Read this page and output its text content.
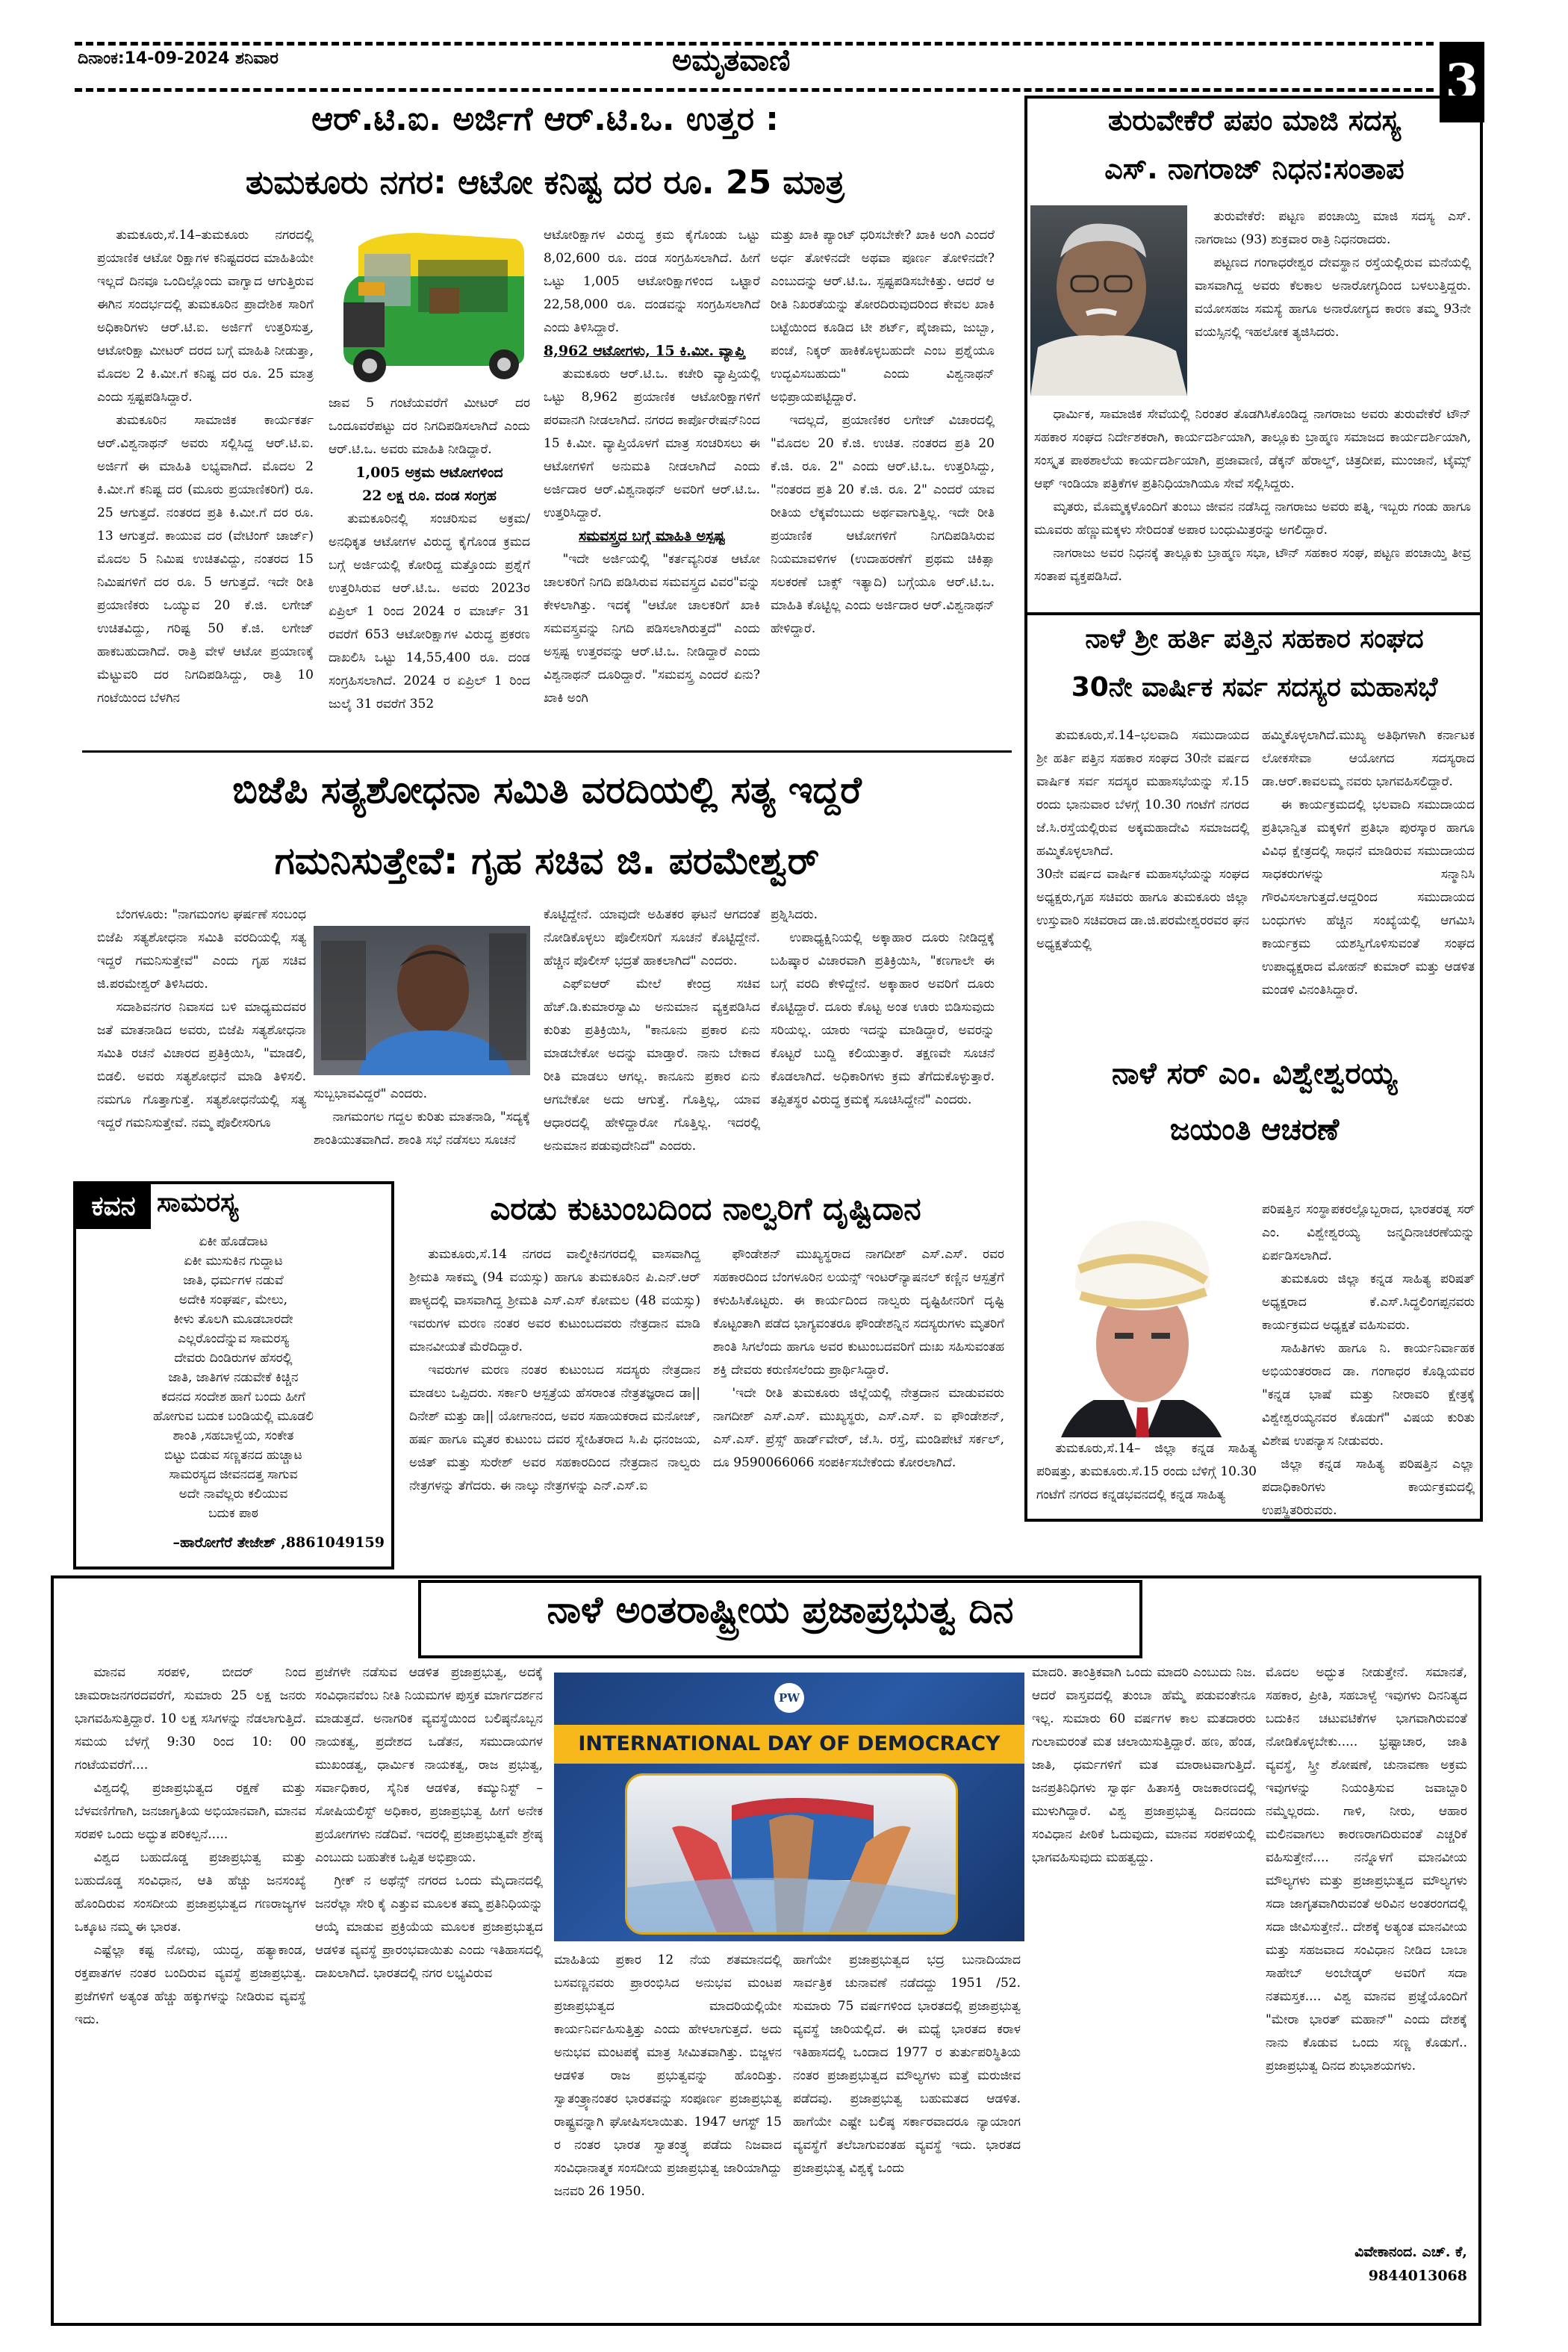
ದಿನಾಂಕ:14-09-2024 ಶನಿವಾರ	ಅಮೃತವಾಣಿ	3
ಆರ್.ಟಿ.ಐ. ಅರ್ಜಿಗೆ ಆರ್.ಟಿ.ಒ. ಉತ್ತರ :
ತುಮಕೂರು ನಗರ: ಆಟೋ ಕನಿಷ್ಟ ದರ ರೂ. 25 ಮಾತ್ರ

ತುಮಕೂರು,ಸೆ.14–ತುಮಕೂರು ನಗರದಲ್ಲಿ ಪ್ರಯಾಣಿಕ ಆಟೋ ರಿಕ್ಷಾಗಳ ಕನಿಷ್ಟದರದ ಮಾಹಿತಿಯೇ ಇಲ್ಲದೆ ದಿನವೂ ಒಂದಿಲ್ಲೊಂದು ವಾಗ್ವಾದ ಆಗುತ್ತಿರುವ ಈಗಿನ ಸಂದರ್ಭದಲ್ಲಿ ತುಮಕೂರಿನ ಪ್ರಾದೇಶಿಕ ಸಾರಿಗೆ ಅಧಿಕಾರಿಗಳು ಆರ್.ಟಿ.ಐ. ಅರ್ಜಿಗೆ ಉತ್ತರಿಸುತ್ತ, ಆಟೋರಿಕ್ಷಾ ಮೀಟರ್ ದರದ ಬಗ್ಗೆ ಮಾಹಿತಿ ನೀಡುತ್ತಾ, ಮೊದಲ 2 ಕಿ.ಮೀ.ಗೆ ಕನಿಷ್ಟ ದರ ರೂ. 25 ಮಾತ್ರ ಎಂದು ಸ್ಪಷ್ಟಪಡಿಸಿದ್ದಾರೆ.

ತುಮಕೂರಿನ ಸಾಮಾಜಿಕ ಕಾರ್ಯಕರ್ತ ಆರ್.ವಿಶ್ವನಾಥನ್ ಅವರು ಸಲ್ಲಿಸಿದ್ದ ಆರ್.ಟಿ.ಐ. ಅರ್ಜಿಗೆ ಈ ಮಾಹಿತಿ ಲಭ್ಯವಾಗಿದೆ. ಮೊದಲ 2 ಕಿ.ಮೀ.ಗೆ ಕನಿಷ್ಟ ದರ (ಮೂರು ಪ್ರಯಾಣಿಕರಿಗೆ) ರೂ. 25 ಆಗುತ್ತದೆ. ನಂತರದ ಪ್ರತಿ ಕಿ.ಮೀ.ಗೆ ದರ ರೂ. 13 ಆಗುತ್ತದೆ. ಕಾಯುವ ದರ (ವೇಟಿಂಗ್ ಚಾರ್ಜ್) ಮೊದಲ 5 ನಿಮಿಷ ಉಚಿತವಿದ್ದು, ನಂತರದ 15 ನಿಮಿಷಗಳಿಗೆ ದರ ರೂ. 5 ಆಗುತ್ತದೆ. ಇದೇ ರೀತಿ ಪ್ರಯಾಣಿಕರು ಒಯ್ಯುವ 20 ಕೆ.ಜಿ. ಲಗೇಜ್ ಉಚಿತವಿದ್ದು, ಗರಿಷ್ಟ 50 ಕೆ.ಜಿ. ಲಗೇಜ್ ಹಾಕಬಹುದಾಗಿದೆ. ರಾತ್ರಿ ವೇಳೆ ಆಟೋ ಪ್ರಯಾಣಕ್ಕೆ ಮೆಟ್ಟುವರಿ ದರ ನಿಗದಿಪಡಿಸಿದ್ದು, ರಾತ್ರಿ 10 ಗಂಟೆಯಿಂದ ಬೆಳಗಿನ

ಜಾವ 5 ಗಂಟೆಯವರೆಗೆ ಮೀಟರ್ ದರ ಒಂದೂವರೆಪಟ್ಟು ದರ ನಿಗದಿಪಡಿಸಲಾಗಿದೆ ಎಂದು ಆರ್.ಟಿ.ಒ. ಅವರು ಮಾಹಿತಿ ನೀಡಿದ್ದಾರೆ.

1,005 ಅಕ್ರಮ ಆಟೋಗಳಿಂದ
22 ಲಕ್ಷ ರೂ. ದಂಡ ಸಂಗ್ರಹ

ತುಮಕೂರಿನಲ್ಲಿ ಸಂಚರಿಸುವ ಅಕ್ರಮ/ಅನಧಿಕೃತ ಆಟೋಗಳ ವಿರುದ್ಧ ಕೈಗೊಂಡ ಕ್ರಮದ ಬಗ್ಗೆ ಅರ್ಜಿಯಲ್ಲಿ ಕೋರಿದ್ದ ಮತ್ತೊಂದು ಪ್ರಶ್ನೆಗೆ ಉತ್ತರಿಸಿರುವ ಆರ್.ಟಿ.ಒ. ಅವರು 2023ರ ಏಪ್ರಿಲ್ 1 ರಿಂದ 2024 ರ ಮಾರ್ಚ್ 31 ರವರೆಗೆ 653 ಆಟೋರಿಕ್ಷಾಗಳ ವಿರುದ್ಧ ಪ್ರಕರಣ ದಾಖಲಿಸಿ ಒಟ್ಟು 14,55,400 ರೂ. ದಂಡ ಸಂಗ್ರಹಿಸಲಾಗಿದೆ. 2024 ರ ಏಪ್ರಿಲ್ 1 ರಿಂದ ಜುಲೈ 31 ರವರೆಗೆ 352

ಆಟೋರಿಕ್ಷಾಗಳ ವಿರುದ್ಧ ಕ್ರಮ ಕೈಗೊಂಡು ಒಟ್ಟು 8,02,600 ರೂ. ದಂಡ ಸಂಗ್ರಹಿಸಲಾಗಿದೆ. ಹೀಗೆ ಒಟ್ಟು 1,005 ಆಟೋರಿಕ್ಷಾಗಳಿಂದ ಒಟ್ಟಾರೆ 22,58,000 ರೂ. ದಂಡವನ್ನು ಸಂಗ್ರಹಿಸಲಾಗಿದೆ ಎಂದು ತಿಳಿಸಿದ್ದಾರೆ.

8,962 ಆಟೋಗಳು, 15 ಕಿ.ಮೀ. ವ್ಯಾಪ್ತಿ

ತುಮಕೂರು ಆರ್.ಟಿ.ಒ. ಕಚೇರಿ ವ್ಯಾಪ್ತಿಯಲ್ಲಿ ಒಟ್ಟು 8,962 ಪ್ರಯಾಣಿಕ ಆಟೋರಿಕ್ಷಾಗಳಿಗೆ ಪರವಾನಗಿ ನೀಡಲಾಗಿದೆ. ನಗರದ ಕಾರ್ಪೊರೇಷನ್‌ನಿಂದ 15 ಕಿ.ಮೀ. ವ್ಯಾಪ್ತಿಯೊಳಗೆ ಮಾತ್ರ ಸಂಚರಿಸಲು ಈ ಆಟೋಗಳಿಗೆ ಅನುಮತಿ ನೀಡಲಾಗಿದೆ ಎಂದು ಅರ್ಜಿದಾರ ಆರ್.ವಿಶ್ವನಾಥನ್ ಅವರಿಗೆ ಆರ್.ಟಿ.ಒ. ಉತ್ತರಿಸಿದ್ದಾರೆ.

ಸಮವಸ್ತ್ರದ ಬಗ್ಗೆ ಮಾಹಿತಿ ಅಸ್ಪಷ್ಟ

"ಇದೇ ಅರ್ಜಿಯಲ್ಲಿ "ಕರ್ತವ್ಯನಿರತ ಆಟೋ ಚಾಲಕರಿಗೆ ನಿಗದಿ ಪಡಿಸಿರುವ ಸಮವಸ್ತ್ರದ ವಿವರ"ವನ್ನು ಕೇಳಲಾಗಿತ್ತು. ಇದಕ್ಕೆ "ಆಟೋ ಚಾಲಕರಿಗೆ ಖಾಕಿ ಸಮವಸ್ತ್ರವನ್ನು ನಿಗದಿ ಪಡಿಸಲಾಗಿರುತ್ತದೆ" ಎಂದು ಅಸ್ಪಷ್ಟ ಉತ್ತರವನ್ನು ಆರ್.ಟಿ.ಒ. ನೀಡಿದ್ದಾರೆ ಎಂದು ವಿಶ್ವನಾಥನ್ ದೂರಿದ್ದಾರೆ. "ಸಮವಸ್ತ್ರ ಎಂದರೆ ಏನು? ಖಾಕಿ ಅಂಗಿ

ಮತ್ತು ಖಾಕಿ ಪ್ಯಾಂಟ್ ಧರಿಸಬೇಕೇ? ಖಾಕಿ ಅಂಗಿ ಎಂದರೆ ಅರ್ಧ ತೋಳಿನದೇ ಅಥವಾ ಪೂರ್ಣ ತೋಳಿನದೇ? ಎಂಬುದನ್ನು ಆರ್.ಟಿ.ಒ. ಸ್ಪಷ್ಟಪಡಿಸಬೇಕಿತ್ತು. ಆದರೆ ಆ ರೀತಿ ನಿಖರತೆಯನ್ನು ತೋರದಿರುವುದರಿಂದ ಕೇವಲ ಖಾಕಿ ಬಟ್ಟೆಯಿಂದ ಕೂಡಿದ ಟೀ ಶರ್ಟ್, ಪೈಜಾಮ, ಜುಬ್ಬಾ, ಪಂಚೆ, ನಿಕ್ಕರ್ ಹಾಕಿಕೊಳ್ಳಬಹುದೇ ಎಂಬ ಪ್ರಶ್ನೆಯೂ ಉದ್ಭವಿಸಬಹುದು" ಎಂದು ವಿಶ್ವನಾಥನ್ ಅಭಿಪ್ರಾಯಪಟ್ಟಿದ್ದಾರೆ.

ಇದಲ್ಲದೆ, ಪ್ರಯಾಣಿಕರ ಲಗೇಜ್ ವಿಚಾರದಲ್ಲಿ "ಮೊದಲ 20 ಕೆ.ಜಿ. ಉಚಿತ. ನಂತರದ ಪ್ರತಿ 20 ಕೆ.ಜಿ. ರೂ. 2" ಎಂದು ಆರ್.ಟಿ.ಒ. ಉತ್ತರಿಸಿದ್ದು, "ನಂತರದ ಪ್ರತಿ 20 ಕೆ.ಜಿ. ರೂ. 2" ಎಂದರೆ ಯಾವ ರೀತಿಯ ಲೆಕ್ಕವೆಂಬುದು ಅರ್ಥವಾಗುತ್ತಿಲ್ಲ. ಇದೇ ರೀತಿ ಪ್ರಯಾಣಿಕ ಆಟೋಗಳಿಗೆ ನಿಗದಿಪಡಿಸಿರುವ ನಿಯಮಾವಳಿಗಳ (ಉದಾಹರಣೆಗೆ ಪ್ರಥಮ ಚಿಕಿತ್ಸಾ ಸಲಕರಣೆ ಬಾಕ್ಸ್ ಇತ್ಯಾದಿ) ಬಗ್ಗೆಯೂ ಆರ್.ಟಿ.ಒ. ಮಾಹಿತಿ ಕೊಟ್ಟಿಲ್ಲ ಎಂದು ಅರ್ಜಿದಾರ ಆರ್.ವಿಶ್ವನಾಥನ್ ಹೇಳಿದ್ದಾರೆ.

ತುರುವೇಕೆರೆ ಪಪಂ ಮಾಜಿ ಸದಸ್ಯ
ಎಸ್. ನಾಗರಾಜ್ ನಿಧನ:ಸಂತಾಪ

ತುರುವೇಕೆರೆ: ಪಟ್ಟಣ ಪಂಚಾಯ್ತಿ ಮಾಜಿ ಸದಸ್ಯ ಎಸ್. ನಾಗರಾಜು (93) ಶುಕ್ರವಾರ ರಾತ್ರಿ ನಿಧನರಾದರು.

ಪಟ್ಟಣದ ಗಂಗಾಧರೇಶ್ವರ ದೇವಸ್ಥಾನ ರಸ್ತೆಯಲ್ಲಿರುವ ಮನೆಯಲ್ಲಿ ವಾಸವಾಗಿದ್ದ ಅವರು ಕೆಲಕಾಲ ಅನಾರೋಗ್ಯದಿಂದ ಬಳಲುತ್ತಿದ್ದರು. ವಯೋಸಹಜ ಸಮಸ್ಯೆ ಹಾಗೂ ಅನಾರೋಗ್ಯದ ಕಾರಣ ತಮ್ಮ 93ನೇ ವಯಸ್ಸಿನಲ್ಲಿ ಇಹಲೋಕ ತ್ಯಜಿಸಿದರು.

ಧಾರ್ಮಿಕ, ಸಾಮಾಜಿಕ ಸೇವೆಯಲ್ಲಿ ನಿರಂತರ ತೊಡಗಿಸಿಕೊಂಡಿದ್ದ ನಾಗರಾಜು ಅವರು ತುರುವೇಕೆರೆ ಟೌನ್ ಸಹಕಾರ ಸಂಘದ ನಿರ್ದೇಶಕರಾಗಿ, ಕಾರ್ಯದರ್ಶಿಯಾಗಿ, ತಾಲ್ಲೂಕು ಬ್ರಾಹ್ಮಣ ಸಮಾಜದ ಕಾರ್ಯದರ್ಶಿಯಾಗಿ, ಸಂಸ್ಕೃತ ಪಾಠಶಾಲೆಯ ಕಾರ್ಯದರ್ಶಿಯಾಗಿ, ಪ್ರಜಾವಾಣಿ, ಡೆಕ್ಕನ್ ಹೆರಾಲ್ಡ್, ಚಿತ್ರದೀಪ, ಮುಂಜಾನೆ, ಟೈಮ್ಸ್ ಆಫ್ ಇಂಡಿಯಾ ಪತ್ರಿಕೆಗಳ ಪ್ರತಿನಿಧಿಯಾಗಿಯೂ ಸೇವೆ ಸಲ್ಲಿಸಿದ್ದರು.

ಮೃತರು, ಮೊಮ್ಮಕ್ಕಳೊಂದಿಗೆ ತುಂಬು ಜೀವನ ನಡೆಸಿದ್ದ ನಾಗರಾಜು ಅವರು ಪತ್ನಿ, ಇಬ್ಬರು ಗಂಡು ಹಾಗೂ ಮೂವರು ಹೆಣ್ಣುಮಕ್ಕಳು ಸೇರಿದಂತೆ ಅಪಾರ ಬಂಧುಮಿತ್ರರನ್ನು ಅಗಲಿದ್ದಾರೆ.

ನಾಗರಾಜು ಅವರ ನಿಧನಕ್ಕೆ ತಾಲ್ಲೂಕು ಬ್ರಾಹ್ಮಣ ಸಭಾ, ಟೌನ್ ಸಹಕಾರ ಸಂಘ, ಪಟ್ಟಣ ಪಂಚಾಯ್ತಿ ತೀವ್ರ ಸಂತಾಪ ವ್ಯಕ್ತಪಡಿಸಿದೆ.

ನಾಳೆ ಶ್ರೀ ಹರ್ತಿ ಪತ್ತಿನ ಸಹಕಾರ ಸಂಘದ
30ನೇ ವಾರ್ಷಿಕ ಸರ್ವ ಸದಸ್ಯರ ಮಹಾಸಭೆ

ತುಮಕೂರು,ಸೆ.14–ಭಲವಾದಿ ಸಮುದಾಯದ ಶ್ರೀ ಹರ್ತಿ ಪತ್ತಿನ ಸಹಕಾರ ಸಂಘದ 30ನೇ ವರ್ಷದ ವಾರ್ಷಿಕ ಸರ್ವ ಸದಸ್ಯರ ಮಹಾಸಭೆಯನ್ನು ಸೆ.15 ರಂದು ಭಾನುವಾರ ಬೆಳಗ್ಗೆ 10.30 ಗಂಟೆಗೆ ನಗರದ ಜೆ.ಸಿ.ರಸ್ತೆಯಲ್ಲಿರುವ ಅಕ್ಕಮಹಾದೇವಿ ಸಮಾಜದಲ್ಲಿ ಹಮ್ಮಿಕೊಳ್ಳಲಾಗಿದೆ.

30ನೇ ವರ್ಷದ ವಾರ್ಷಿಕ ಮಹಾಸಭೆಯನ್ನು ಸಂಘದ ಅಧ್ಯಕ್ಷರು,ಗೃಹ ಸಚಿವರು ಹಾಗೂ ತುಮಕೂರು ಜಿಲ್ಲಾ ಉಸ್ತುವಾರಿ ಸಚಿವರಾದ ಡಾ.ಜಿ.ಪರಮೇಶ್ವರರವರ ಘನ ಅಧ್ಯಕ್ಷತೆಯಲ್ಲಿ

ಹಮ್ಮಿಕೊಳ್ಳಲಾಗಿದೆ.ಮುಖ್ಯ ಅತಿಥಿಗಳಾಗಿ ಕರ್ನಾಟಕ ಲೋಕಸೇವಾ ಆಯೋಗದ ಸದಸ್ಯರಾದ ಡಾ.ಆರ್.ಕಾವಲಮ್ಮ ನವರು ಭಾಗವಹಿಸಲಿದ್ದಾರೆ.

ಈ ಕಾರ್ಯಕ್ರಮದಲ್ಲಿ ಭಲವಾದಿ ಸಮುದಾಯದ ಪ್ರತಿಭಾನ್ವಿತ ಮಕ್ಕಳಿಗೆ ಪ್ರತಿಭಾ ಪುರಸ್ಕಾರ ಹಾಗೂ ವಿವಿಧ ಕ್ಷೇತ್ರದಲ್ಲಿ ಸಾಧನೆ ಮಾಡಿರುವ ಸಮುದಾಯದ ಸಾಧಕರುಗಳನ್ನು ಸನ್ಮಾನಿಸಿ ಗೌರವಿಸಲಾಗುತ್ತದೆ.ಆದ್ದರಿಂದ ಸಮುದಾಯದ ಬಂಧುಗಳು ಹೆಚ್ಚಿನ ಸಂಖ್ಯೆಯಲ್ಲಿ ಆಗಮಿಸಿ ಕಾರ್ಯಕ್ರಮ ಯಶಸ್ವಿಗೊಳಿಸುವಂತೆ ಸಂಘದ ಉಪಾಧ್ಯಕ್ಷರಾದ ಮೋಹನ್ ಕುಮಾರ್ ಮತ್ತು ಆಡಳಿತ ಮಂಡಳಿ ವಿನಂತಿಸಿದ್ದಾರೆ.

ನಾಳೆ ಸರ್ ಎಂ. ವಿಶ್ವೇಶ್ವರಯ್ಯ
ಜಯಂತಿ ಆಚರಣೆ

ಪರಿಷತ್ತಿನ ಸಂಸ್ಥಾಪಕರಲ್ಲೊಬ್ಬರಾದ, ಭಾರತರತ್ನ ಸರ್ ಎಂ. ವಿಶ್ವೇಶ್ವರಯ್ಯ ಜನ್ಮದಿನಾಚರಣೆಯನ್ನು ಏರ್ಪಡಿಸಲಾಗಿದೆ.

ತುಮಕೂರು ಜಿಲ್ಲಾ ಕನ್ನಡ ಸಾಹಿತ್ಯ ಪರಿಷತ್ ಅಧ್ಯಕ್ಷರಾದ ಕೆ.ಎಸ್.ಸಿದ್ಧಲಿಂಗಪ್ಪನವರು ಕಾರ್ಯಕ್ರಮದ ಅಧ್ಯಕ್ಷತೆ ವಹಿಸುವರು.

ಸಾಹಿತಿಗಳು ಹಾಗೂ ನಿ. ಕಾರ್ಯನಿರ್ವಾಹಕ ಅಭಿಯಂತರರಾದ ಡಾ. ಗಂಗಾಧರ ಕೊಡ್ಲಿಯವರ "ಕನ್ನಡ ಭಾಷೆ ಮತ್ತು ನೀರಾವರಿ ಕ್ಷೇತ್ರಕ್ಕೆ ವಿಶ್ವೇಶ್ವರಯ್ಯನವರ ಕೊಡುಗೆ" ವಿಷಯ ಕುರಿತು ವಿಶೇಷ ಉಪನ್ಯಾಸ ನೀಡುವರು.

ಜಿಲ್ಲಾ ಕನ್ನಡ ಸಾಹಿತ್ಯ ಪರಿಷತ್ತಿನ ಎಲ್ಲಾ ಪದಾಧಿಕಾರಿಗಳು ಕಾರ್ಯಕ್ರಮದಲ್ಲಿ ಉಪಸ್ಥಿತರಿರುವರು.

ತುಮಕೂರು,ಸೆ.14– ಜಿಲ್ಲಾ ಕನ್ನಡ ಸಾಹಿತ್ಯ ಪರಿಷತ್ತು, ತುಮಕೂರು.ಸೆ.15 ರಂದು ಬೆಳಿಗ್ಗೆ 10.30 ಗಂಟೆಗೆ ನಗರದ ಕನ್ನಡಭವನದಲ್ಲಿ ಕನ್ನಡ ಸಾಹಿತ್ಯ

ಬಿಜೆಪಿ ಸತ್ಯಶೋಧನಾ ಸಮಿತಿ ವರದಿಯಲ್ಲಿ ಸತ್ಯ ಇದ್ದರೆ
ಗಮನಿಸುತ್ತೇವೆ: ಗೃಹ ಸಚಿವ ಜಿ. ಪರಮೇಶ್ವರ್

ಬೆಂಗಳೂರು: "ನಾಗಮಂಗಲ ಘರ್ಷಣೆ ಸಂಬಂಧ ಬಿಜೆಪಿ ಸತ್ಯಶೋಧನಾ ಸಮಿತಿ ವರದಿಯಲ್ಲಿ ಸತ್ಯ ಇದ್ದರೆ ಗಮನಿಸುತ್ತೇವೆ" ಎಂದು ಗೃಹ ಸಚಿವ ಜಿ.ಪರಮೇಶ್ವರ್ ತಿಳಿಸಿದರು.

ಸದಾಶಿವನಗರ ನಿವಾಸದ ಬಳಿ ಮಾಧ್ಯಮದವರ ಜತೆ ಮಾತನಾಡಿದ ಅವರು, ಬಿಜೆಪಿ ಸತ್ಯಶೋಧನಾ ಸಮಿತಿ ರಚನೆ ವಿಚಾರದ ಪ್ರತಿಕ್ರಿಯಿಸಿ, "ಮಾಡಲಿ, ಬಿಡಲಿ. ಅವರು ಸತ್ಯಶೋಧನೆ ಮಾಡಿ ತಿಳಿಸಲಿ. ನಮಗೂ ಗೊತ್ತಾಗುತ್ತೆ. ಸತ್ಯಶೋಧನೆಯಲ್ಲಿ ಸತ್ಯ ಇದ್ದರೆ ಗಮನಿಸುತ್ತೇವೆ. ನಮ್ಮ ಪೊಲೀಸರಿಗೂ

ಸುಬ್ಬಭಾವವಿದ್ದರೆ" ಎಂದರು.

ನಾಗಮಂಗಲ ಗದ್ದಲ ಕುರಿತು ಮಾತನಾಡಿ, "ಸದ್ಯಕ್ಕೆ ಶಾಂತಿಯುತವಾಗಿದೆ. ಶಾಂತಿ ಸಭೆ ನಡೆಸಲು ಸೂಚನೆ

ಕೊಟ್ಟಿದ್ದೇನೆ. ಯಾವುದೇ ಅಹಿತಕರ ಘಟನೆ ಆಗದಂತೆ ನೋಡಿಕೊಳ್ಳಲು ಪೊಲೀಸರಿಗೆ ಸೂಚನೆ ಕೊಟ್ಟಿದ್ದೇನೆ. ಹೆಚ್ಚಿನ ಪೊಲೀಸ್ ಭದ್ರತೆ ಹಾಕಲಾಗಿದೆ" ಎಂದರು.

ಎಫ್‌ಐಆರ್ ಮೇಲೆ ಕೇಂದ್ರ ಸಚಿವ ಹೆಚ್.ಡಿ.ಕುಮಾರಸ್ವಾಮಿ ಅನುಮಾನ ವ್ಯಕ್ತಪಡಿಸಿದ ಕುರಿತು ಪ್ರತಿಕ್ರಿಯಿಸಿ, "ಕಾನೂನು ಪ್ರಕಾರ ಏನು ಮಾಡಬೇಕೋ ಅದನ್ನು ಮಾಡ್ತಾರೆ. ನಾನು ಬೇಕಾದ ರೀತಿ ಮಾಡಲು ಆಗಲ್ಲ. ಕಾನೂನು ಪ್ರಕಾರ ಏನು ಆಗಬೇಕೋ ಅದು ಆಗುತ್ತೆ. ಗೊತ್ತಿಲ್ಲ, ಯಾವ ಆಧಾರದಲ್ಲಿ ಹೇಳಿದ್ದಾರೋ ಗೊತ್ತಿಲ್ಲ. ಇದರಲ್ಲಿ ಅನುಮಾನ ಪಡುವುದೇನಿದೆ" ಎಂದರು.

ಪ್ರಶ್ನಿಸಿದರು.

ಉಪಾಧ್ಯಕ್ಷಿನಿಯಲ್ಲಿ ಅಕ್ಕಾಹಾರ ದೂರು ನೀಡಿದ್ದಕ್ಕೆ ಬಹಿಷ್ಕಾರ ವಿಚಾರವಾಗಿ ಪ್ರತಿಕ್ರಿಯಿಸಿ, "ಕಣಗಾಲೇ ಈ ಬಗ್ಗೆ ವರದಿ ಕೇಳಿದ್ದೇನೆ. ಅಕ್ಕಾಹಾರ ಅವರಿಗೆ ದೂರು ಕೊಟ್ಟಿದ್ದಾರೆ. ದೂರು ಕೊಟ್ಟ ಅಂತ ಊರು ಬಿಡಿಸುವುದು ಸರಿಯಲ್ಲ. ಯಾರು ಇದನ್ನು ಮಾಡಿದ್ದಾರೆ, ಅವರನ್ನು ಕೊಟ್ಟರೆ ಬುದ್ದಿ ಕಲಿಯುತ್ತಾರೆ. ತಕ್ಷಣವೇ ಸೂಚನೆ ಕೊಡಲಾಗಿದೆ. ಅಧಿಕಾರಿಗಳು ಕ್ರಮ ತೆಗೆದುಕೊಳ್ಳುತ್ತಾರೆ. ತಪ್ಪಿತಸ್ಥರ ವಿರುದ್ಧ ಕ್ರಮಕ್ಕೆ ಸೂಚಿಸಿದ್ದೇನೆ" ಎಂದರು.

ಕವನ ಸಾಮರಸ್ಯ
ಏಕೀ ಹೊಡೆದಾಟ
ಏಕೀ ಮುಸುಕಿನ ಗುದ್ದಾಟ
ಜಾತಿ, ಧರ್ಮಗಳ ನಡುವೆ
ಅದೇಕಿ ಸಂಘರ್ಷ, ಮೇಲು,
ಕೀಳು ತೊಲಗಿ ಮೂಡಬಾರದೇ
ಎಲ್ಲರೊಂದೆನ್ನುವ ಸಾಮರಸ್ಯ
ದೇವರು ದಿಂಡಿರುಗಳ ಹೆಸರಲ್ಲಿ
ಜಾತಿ, ಜಾತಿಗಳ ನಡುವೇಕೆ ಕಿಚ್ಚಿನ
ಕದನದ ಸಂದೇಶ ಹಾಗೆ ಬಂದು ಹೀಗೆ
ಹೋಗುವ ಬದುಕ ಬಂಡಿಯಲ್ಲಿ ಮೂಡಲಿ
ಶಾಂತಿ ,ಸಹಬಾಳ್ವೆಯ, ಸಂಕೇತ
ಬಿಟ್ಟು ಬಿಡುವ ಸಣ್ಣತನದ ಹುಚ್ಚಾಟ
ಸಾಮರಸ್ಯದ ಜೀವನದತ್ತ ಸಾಗುವ
ಅದೇ ನಾವೆಲ್ಲರು ಕಲಿಯುವ
ಬದುಕ ಪಾಠ
–ಹಾರೋಗೆರೆ ತೇಜೇಶ್ ,8861049159
ಎರಡು ಕುಟುಂಬದಿಂದ ನಾಲ್ವರಿಗೆ ದೃಷ್ಟಿದಾನ

ತುಮಕೂರು,ಸೆ.14 ನಗರದ ವಾಲ್ಮೀಕಿನಗರದಲ್ಲಿ ವಾಸವಾಗಿದ್ದ ಶ್ರೀಮತಿ ಸಾಕಮ್ಮ (94 ವಯಸ್ಸು) ಹಾಗೂ ತುಮಕೂರಿನ ಪಿ.ಎನ್.ಆರ್ ಪಾಳ್ಯದಲ್ಲಿ ವಾಸವಾಗಿದ್ದ ಶ್ರೀಮತಿ ಎಸ್.ಎಸ್ ಕೋಮಲ (48 ವಯಸ್ಸು) ಇವರುಗಳ ಮರಣ ನಂತರ ಅವರ ಕುಟುಂಬದವರು ನೇತ್ರದಾನ ಮಾಡಿ ಮಾನವೀಯತೆ ಮೆರೆದಿದ್ದಾರೆ.

ಇವರುಗಳ ಮರಣ ನಂತರ ಕುಟುಂಬದ ಸದಸ್ಯರು ನೇತ್ರದಾನ ಮಾಡಲು ಒಪ್ಪಿದರು. ಸರ್ಕಾರಿ ಆಸ್ಪತ್ರೆಯ ಹೆಸರಾಂತ ನೇತ್ರತಜ್ಞರಾದ ಡಾ|| ದಿನೇಶ್ ಮತ್ತು ಡಾ|| ಯೋಗಾನಂದ, ಅವರ ಸಹಾಯಕರಾದ ಮನೋಜ್, ಹರ್ಷ ಹಾಗೂ ಮೃತರ ಕುಟುಂಬ ದವರ ಸ್ನೇಹಿತರಾದ ಸಿ.ಪಿ ಧನಂಜಯ, ಅಜಿತ್ ಮತ್ತು ಸುರೇಶ್ ಅವರ ಸಹಕಾರದಿಂದ ನೇತ್ರದಾನ ನಾಲ್ವರು ನೇತ್ರಗಳನ್ನು ತೆಗೆದರು. ಈ ನಾಲ್ಕು ನೇತ್ರಗಳನ್ನು ಎನ್.ಎಸ್.ಐ

ಫೌಂಡೇಶನ್ ಮುಖ್ಯಸ್ಥರಾದ ನಾಗದೀಶ್ ಎಸ್.ಎಸ್. ರವರ ಸಹಕಾರದಿಂದ ಬೆಂಗಳೂರಿನ ಲಯನ್ಸ್ ಇಂಟರ್‌ನ್ಯಾಷನಲ್ ಕಣ್ಣಿನ ಆಸ್ಪತ್ರೆಗೆ ಕಳುಹಿಸಿಕೊಟ್ಟರು. ಈ ಕಾರ್ಯದಿಂದ ನಾಲ್ವರು ದೃಷ್ಟಿಹೀನರಿಗೆ ದೃಷ್ಟಿ ಕೊಟ್ಟಂತಾಗಿ ಪಡೆದ ಭಾಗ್ಯವಂತರೂ ಫೌಂಡೇಶನ್ನಿನ ಸದಸ್ಯರುಗಳು ಮೃತರಿಗೆ ಶಾಂತಿ ಸಿಗಲೆಂದು ಹಾಗೂ ಅವರ ಕುಟುಂಬದವರಿಗೆ ದುಃಖ ಸಹಿಸುವಂತಹ ಶಕ್ತಿ ದೇವರು ಕರುಣಿಸಲೆಂದು ಪ್ರಾರ್ಥಿಸಿದ್ದಾರೆ.

'ಇದೇ ರೀತಿ ತುಮಕೂರು ಜಿಲ್ಲೆಯಲ್ಲಿ ನೇತ್ರದಾನ ಮಾಡುವವರು ನಾಗದೀಶ್ ಎಸ್.ಎಸ್. ಮುಖ್ಯಸ್ಥರು, ಎಸ್.ಎಸ್. ಐ ಫೌಂಡೇಶನ್, ಎಸ್.ಎಸ್. ಪ್ರೆಸ್ಸ್ ಹಾರ್ಡ್‌ವೇರ್, ಜೆ.ಸಿ. ರಸ್ತೆ, ಮಂಡಿಪೇಟೆ ಸರ್ಕಲ್, ದೂ 9590066066 ಸಂಪರ್ಕಿಸಬೇಕೆಂದು ಕೋರಲಾಗಿದೆ.

ನಾಳೆ ಅಂತರಾಷ್ಟ್ರೀಯ ಪ್ರಜಾಪ್ರಭುತ್ವ ದಿನ
PW
INTERNATIONAL DAY OF DEMOCRACY

ಮಾನವ ಸರಪಳಿ, ಬೀದರ್ ನಿಂದ ಚಾಮರಾಜನಗರದವರೆಗೆ, ಸುಮಾರು 25 ಲಕ್ಷ ಜನರು ಭಾಗವಹಿಸುತ್ತಿದ್ದಾರೆ. 10 ಲಕ್ಷ ಸಸಿಗಳನ್ನು ನೆಡಲಾಗುತ್ತಿದೆ. ಸಮಯ ಬೆಳಗ್ಗೆ 9:30 ರಿಂದ 10: 00 ಗಂಟೆಯವರೆಗೆ....

ವಿಶ್ವದಲ್ಲಿ ಪ್ರಜಾಪ್ರಭುತ್ವದ ರಕ್ಷಣೆ ಮತ್ತು ಬೆಳವಣಿಗೆಗಾಗಿ, ಜನಜಾಗೃತಿಯ ಅಭಿಯಾನವಾಗಿ, ಮಾನವ ಸರಪಳಿ ಒಂದು ಅದ್ಭುತ ಪರಿಕಲ್ಪನೆ.....

ವಿಶ್ವದ ಬಹುದೊಡ್ಡ ಪ್ರಜಾಪ್ರಭುತ್ವ ಮತ್ತು ಬಹುದೊಡ್ಡ ಸಂವಿಧಾನ, ಆತಿ ಹೆಚ್ಚು ಜನಸಂಖ್ಯೆ ಹೊಂದಿರುವ ಸಂಸದೀಯ ಪ್ರಜಾಪ್ರಭುತ್ವದ ಗಣರಾಜ್ಯಗಳ ಒಕ್ಕೂಟ ನಮ್ಮ ಈ ಭಾರತ.

ಎಷ್ಟೆಲ್ಲಾ ಕಷ್ಟ ನೋವು, ಯುದ್ಧ, ಹತ್ಯಾಕಾಂಡ, ರಕ್ತಪಾತಗಳ ನಂತರ ಬಂದಿರುವ ವ್ಯವಸ್ಥೆ ಪ್ರಜಾಪ್ರಭುತ್ವ. ಪ್ರಜೆಗಳಿಗೆ ಅತ್ಯಂತ ಹೆಚ್ಚು ಹಕ್ಕುಗಳನ್ನು ನೀಡಿರುವ ವ್ಯವಸ್ಥೆ ಇದು.

ಪ್ರಜೆಗಳೇ ನಡೆಸುವ ಆಡಳಿತ ಪ್ರಜಾಪ್ರಭುತ್ವ, ಅದಕ್ಕೆ ಸಂವಿಧಾನವೆಂಬ ನೀತಿ ನಿಯಮಗಳ ಪುಸ್ತಕ ಮಾರ್ಗದರ್ಶನ ಮಾಡುತ್ತದೆ. ಅನಾಗರಿಕ ವ್ಯವಸ್ಥೆಯಿಂದ ಬಲಿಷ್ಠನೊಬ್ಬನ ನಾಯಕತ್ವ, ಪ್ರದೇಶದ ಒಡೆತನ, ಸಮುದಾಯಗಳ ಮುಖಂಡತ್ವ, ಧಾರ್ಮಿಕ ನಾಯಕತ್ವ, ರಾಜ ಪ್ರಭುತ್ವ, ಸರ್ವಾಧಿಕಾರ, ಸೈನಿಕ ಆಡಳಿತ, ಕಮ್ಯುನಿಸ್ಟ್ – ಸೋಷಿಯಲಿಸ್ಟ್ ಅಧಿಕಾರ, ಪ್ರಜಾಪ್ರಭುತ್ವ ಹೀಗೆ ಅನೇಕ ಪ್ರಯೋಗಗಳು ನಡೆದಿವೆ. ಇದರಲ್ಲಿ ಪ್ರಜಾಪ್ರಭುತ್ವವೇ ಶ್ರೇಷ್ಠ ಎಂಬುದು ಬಹುತೇಕ ಒಪ್ಪಿತ ಅಭಿಪ್ರಾಯ.

ಗ್ರೀಕ್ ನ ಅಥೆನ್ಸ್ ನಗರದ ಒಂದು ಮೈದಾನದಲ್ಲಿ ಜನರೆಲ್ಲಾ ಸೇರಿ ಕೈ ಎತ್ತುವ ಮೂಲಕ ತಮ್ಮ ಪ್ರತಿನಿಧಿಯನ್ನು ಆಯ್ಕೆ ಮಾಡುವ ಪ್ರಕ್ರಿಯೆಯ ಮೂಲಕ ಪ್ರಜಾಪ್ರಭುತ್ವದ ಆಡಳಿತ ವ್ಯವಸ್ಥೆ ಪ್ರಾರಂಭವಾಯಿತು ಎಂದು ಇತಿಹಾಸದಲ್ಲಿ ದಾಖಲಾಗಿದೆ. ಭಾರತದಲ್ಲಿ ನಗರ ಲಭ್ಯವಿರುವ

ಮಾಹಿತಿಯ ಪ್ರಕಾರ 12 ನೆಯ ಶತಮಾನದಲ್ಲಿ ಬಸವಣ್ಣನವರು ಪ್ರಾರಂಭಿಸಿದ ಅನುಭವ ಮಂಟಪ ಪ್ರಜಾಪ್ರಭುತ್ವದ ಮಾದರಿಯಲ್ಲಿಯೇ ಕಾರ್ಯನಿರ್ವಹಿಸುತ್ತಿತ್ತು ಎಂದು ಹೇಳಲಾಗುತ್ತದೆ. ಅದು ಅನುಭವ ಮಂಟಪಕ್ಕೆ ಮಾತ್ರ ಸೀಮಿತವಾಗಿತ್ತು. ಬಿಜ್ಜಳನ ಆಡಳಿತ ರಾಜ ಪ್ರಭುತ್ವವನ್ನು ಹೊಂದಿತ್ತು. ಸ್ವಾತಂತ್ರ್ಯಾನಂತರ ಭಾರತವನ್ನು ಸಂಪೂರ್ಣ ಪ್ರಜಾಪ್ರಭುತ್ವ ರಾಷ್ಟ್ರವನ್ನಾಗಿ ಘೋಷಿಸಲಾಯಿತು. 1947 ಆಗಸ್ಟ್ 15 ರ ನಂತರ ಭಾರತ ಸ್ವಾತಂತ್ರ್ಯ ಪಡೆದು ನಿಜವಾದ ಸಂವಿಧಾನಾತ್ಮಕ ಸಂಸದೀಯ ಪ್ರಜಾಪ್ರಭುತ್ವ ಜಾರಿಯಾಗಿದ್ದು ಜನವರಿ 26 1950.

ಹಾಗೆಯೇ ಪ್ರಜಾಪ್ರಭುತ್ವದ ಭದ್ರ ಬುನಾದಿಯಾದ ಸಾರ್ವತ್ರಿಕ ಚುನಾವಣೆ ನಡೆದದ್ದು 1951 /52. ಸುಮಾರು 75 ವರ್ಷಗಳಿಂದ ಭಾರತದಲ್ಲಿ ಪ್ರಜಾಪ್ರಭುತ್ವ ವ್ಯವಸ್ಥೆ ಜಾರಿಯಲ್ಲಿದೆ. ಈ ಮಧ್ಯೆ ಭಾರತದ ಕರಾಳ ಇತಿಹಾಸದಲ್ಲಿ ಒಂದಾದ 1977 ರ ತುರ್ತುಪರಿಸ್ಥಿತಿಯ ನಂತರ ಪ್ರಜಾಪ್ರಭುತ್ವದ ಮೌಲ್ಯಗಳು ಮತ್ತೆ ಮರುಜೀವ ಪಡೆದವು. ಪ್ರಜಾಪ್ರಭುತ್ವ ಬಹುಮತದ ಆಡಳಿತ. ಹಾಗೆಯೇ ಎಷ್ಟೇ ಬಲಿಷ್ಠ ಸರ್ಕಾರವಾದರೂ ನ್ಯಾಯಾಂಗ ವ್ಯವಸ್ಥೆಗೆ ತಲೆಬಾಗುವಂತಹ ವ್ಯವಸ್ಥೆ ಇದು. ಭಾರತದ ಪ್ರಜಾಪ್ರಭುತ್ವ ವಿಶ್ವಕ್ಕೆ ಒಂದು

ಮಾದರಿ. ತಾಂತ್ರಿಕವಾಗಿ ಒಂದು ಮಾದರಿ ಎಂಬುದು ನಿಜ. ಆದರೆ ವಾಸ್ತವದಲ್ಲಿ ತುಂಬಾ ಹೆಮ್ಮೆ ಪಡುವಂತೇನೂ ಇಲ್ಲ. ಸುಮಾರು 60 ವರ್ಷಗಳ ಕಾಲ ಮತದಾರರು ಗುಲಾಮರಂತೆ ಮತ ಚಲಾಯಿಸುತ್ತಿದ್ದಾರೆ. ಹಣ, ಹೆಂಡ, ಜಾತಿ, ಧರ್ಮಗಳಿಗೆ ಮತ ಮಾರಾಟವಾಗುತ್ತಿದೆ. ಜನಪ್ರತಿನಿಧಿಗಳು ಸ್ವಾರ್ಥ ಹಿತಾಸಕ್ತಿ ರಾಜಕಾರಣದಲ್ಲಿ ಮುಳುಗಿದ್ದಾರೆ. ವಿಶ್ವ ಪ್ರಜಾಪ್ರಭುತ್ವ ದಿನದಂದು ಸಂವಿಧಾನ ಪೀಠಿಕೆ ಓದುವುದು, ಮಾನವ ಸರಪಳಿಯಲ್ಲಿ ಭಾಗವಹಿಸುವುದು ಮಹತ್ವದ್ದು.

ಮೊದಲ ಅದ್ಭುತ ನೀಡುತ್ತೇನೆ. ಸಮಾನತೆ, ಸಹಕಾರ, ಪ್ರೀತಿ, ಸಹಬಾಳ್ವೆ ಇವುಗಳು ದಿನನಿತ್ಯದ ಬದುಕಿನ ಚಟುವಟಿಕೆಗಳ ಭಾಗವಾಗಿರುವಂತೆ ನೋಡಿಕೊಳ್ಳಬೇಕು..... ಭ್ರಷ್ಟಾಚಾರ, ಜಾತಿ ವ್ಯವಸ್ಥೆ, ಸ್ತ್ರೀ ಶೋಷಣೆ, ಚುನಾವಣಾ ಅಕ್ರಮ ಇವುಗಳನ್ನು ನಿಯಂತ್ರಿಸುವ ಜವಾಬ್ದಾರಿ ನಮ್ಮೆಲ್ಲರದು. ಗಾಳಿ, ನೀರು, ಆಹಾರ ಮಲಿನವಾಗಲು ಕಾರಣರಾಗದಿರುವಂತೆ ಎಚ್ಚರಿಕೆ ವಹಿಸುತ್ತೇನೆ.... ನನ್ನೊಳಗೆ ಮಾನವೀಯ ಮೌಲ್ಯಗಳು ಮತ್ತು ಪ್ರಜಾಪ್ರಭುತ್ವದ ಮೌಲ್ಯಗಳು ಸದಾ ಜಾಗೃತವಾಗಿರುವಂತೆ ಅರಿವಿನ ಅಂತರಂಗದಲ್ಲಿ ಸದಾ ಜೀವಿಸುತ್ತೇನೆ.. ದೇಶಕ್ಕೆ ಅತ್ಯಂತ ಮಾನವೀಯ ಮತ್ತು ಸಹಜವಾದ ಸಂವಿಧಾನ ನೀಡಿದ ಬಾಬಾ ಸಾಹೇಬ್ ಅಂಬೇಡ್ಕರ್ ಅವರಿಗೆ ಸದಾ ನತಮಸ್ತಕ.... ವಿಶ್ವ ಮಾನವ ಪ್ರಜ್ಞೆಯೊಂದಿಗೆ "ಮೇರಾ ಭಾರತ್ ಮಹಾನ್" ಎಂದು ದೇಶಕ್ಕೆ ನಾನು ಕೊಡುವ ಒಂದು ಸಣ್ಣ ಕೊಡುಗೆ.. ಪ್ರಜಾಪ್ರಭುತ್ವ ದಿನದ ಶುಭಾಶಯಗಳು.

ವಿವೇಕಾನಂದ. ಎಚ್. ಕೆ,
9844013068
